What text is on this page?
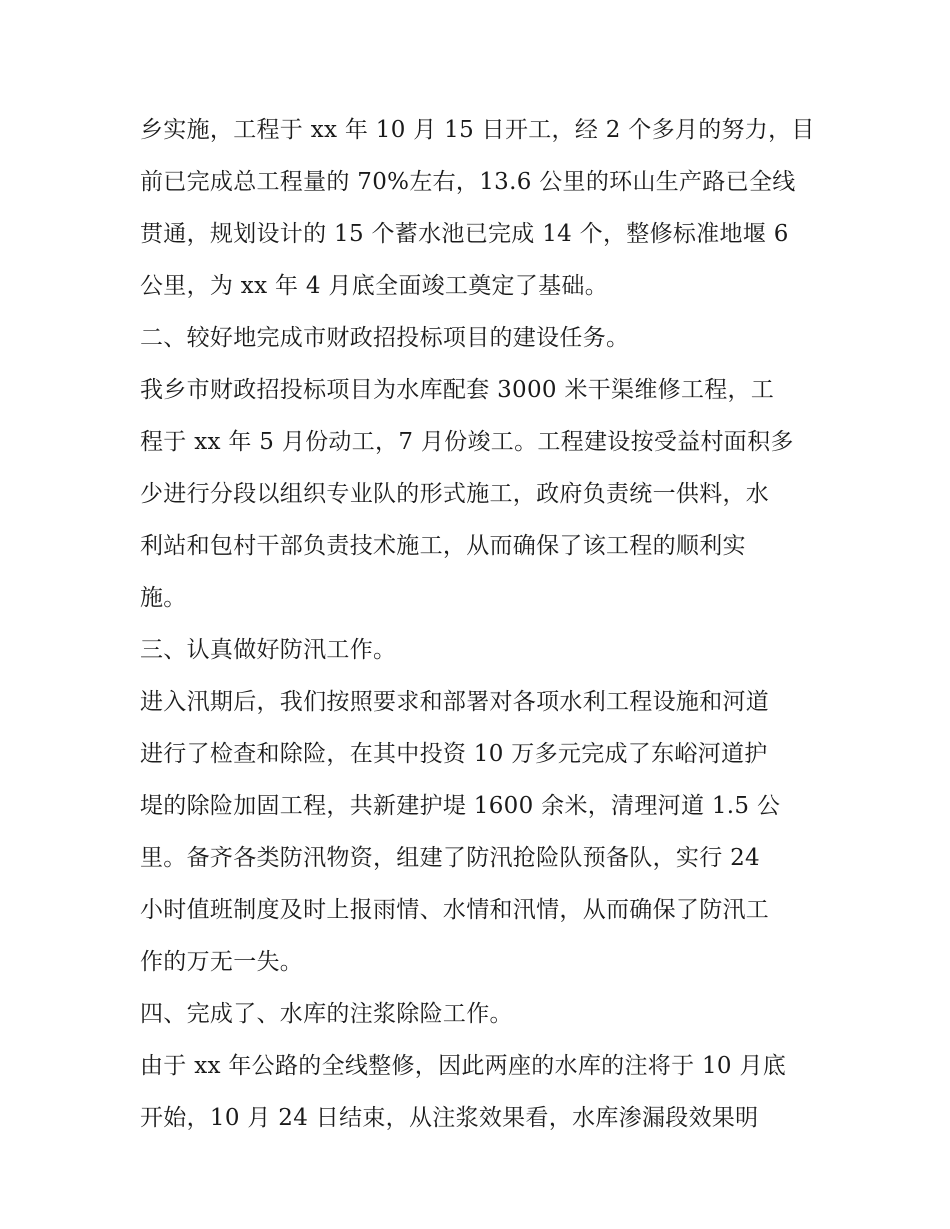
乡实施，工程于 xx 年 10 月 15 日开工，经 2 个多月的努力，目
前已完成总工程量的 70%左右，13.6 公里的环山生产路已全线
贯通，规划设计的 15 个蓄水池已完成 14 个，整修标准地堰 6
公里，为 xx 年 4 月底全面竣工奠定了基础。
二、较好地完成市财政招投标项目的建设任务。
我乡市财政招投标项目为水库配套 3000 米干渠维修工程，工
程于 xx 年 5 月份动工，7 月份竣工。工程建设按受益村面积多
少进行分段以组织专业队的形式施工，政府负责统一供料，水
利站和包村干部负责技术施工，从而确保了该工程的顺利实
施。
三、认真做好防汛工作。
进入汛期后，我们按照要求和部署对各项水利工程设施和河道
进行了检查和除险，在其中投资 10 万多元完成了东峪河道护
堤的除险加固工程，共新建护堤 1600 余米，清理河道 1.5 公
里。备齐各类防汛物资，组建了防汛抢险队预备队，实行 24
小时值班制度及时上报雨情、水情和汛情，从而确保了防汛工
作的万无一失。
四、完成了、水库的注浆除险工作。
由于 xx 年公路的全线整修，因此两座的水库的注将于 10 月底
开始，10 月 24 日结束，从注浆效果看，水库渗漏段效果明
